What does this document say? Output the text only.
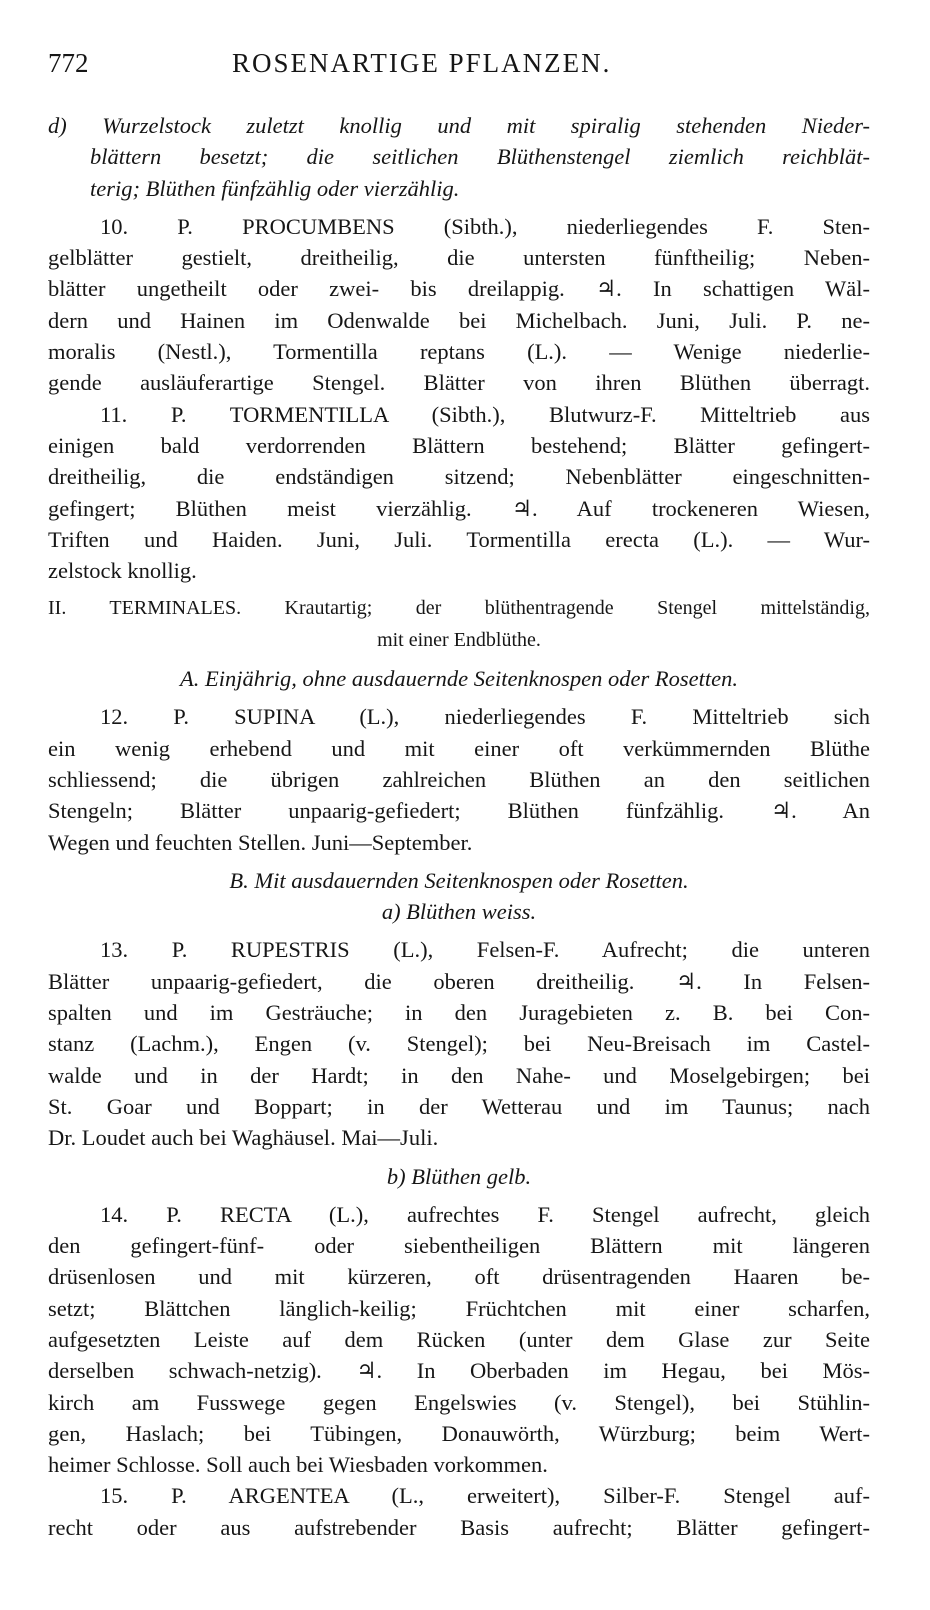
772	ROSENARTIGE PFLANZEN.
d) Wurzelstock zuletzt knollig und mit spiralig stehenden Nieder-
blättern besetzt; die seitlichen Blüthenstengel ziemlich reichblät-
terig; Blüthen fünfzählig oder vierzählig.
10. P. PROCUMBENS (Sibth.), niederliegendes F. Sten-
gelblätter gestielt, dreitheilig, die untersten fünftheilig; Neben-
blätter ungetheilt oder zwei- bis dreilappig. ♃. In schattigen Wäl-
dern und Hainen im Odenwalde bei Michelbach. Juni, Juli. P. ne-
moralis (Nestl.), Tormentilla reptans (L.). — Wenige niederlie-
gende ausläuferartige Stengel. Blätter von ihren Blüthen überragt.
11. P. TORMENTILLA (Sibth.), Blutwurz-F. Mitteltrieb aus
einigen bald verdorrenden Blättern bestehend; Blätter gefingert-
dreitheilig, die endständigen sitzend; Nebenblätter eingeschnitten-
gefingert; Blüthen meist vierzählig. ♃. Auf trockeneren Wiesen,
Triften und Haiden. Juni, Juli. Tormentilla erecta (L.). — Wur-
zelstock knollig.
II. TERMINALES. Krautartig; der blüthentragende Stengel mittelständig,
mit einer Endblüthe.
A. Einjährig, ohne ausdauernde Seitenknospen oder Rosetten.
12. P. SUPINA (L.), niederliegendes F. Mitteltrieb sich
ein wenig erhebend und mit einer oft verkümmernden Blüthe
schliessend; die übrigen zahlreichen Blüthen an den seitlichen
Stengeln; Blätter unpaarig-gefiedert; Blüthen fünfzählig. ♃. An
Wegen und feuchten Stellen. Juni—September.
B. Mit ausdauernden Seitenknospen oder Rosetten.
a) Blüthen weiss.
13. P. RUPESTRIS (L.), Felsen-F. Aufrecht; die unteren
Blätter unpaarig-gefiedert, die oberen dreitheilig. ♃. In Felsen-
spalten und im Gesträuche; in den Juragebieten z. B. bei Con-
stanz (Lachm.), Engen (v. Stengel); bei Neu-Breisach im Castel-
walde und in der Hardt; in den Nahe- und Moselgebirgen; bei
St. Goar und Boppart; in der Wetterau und im Taunus; nach
Dr. Loudet auch bei Waghäusel. Mai—Juli.
b) Blüthen gelb.
14. P. RECTA (L.), aufrechtes F. Stengel aufrecht, gleich
den gefingert-fünf- oder siebentheiligen Blättern mit längeren
drüsenlosen und mit kürzeren, oft drüsentragenden Haaren be-
setzt; Blättchen länglich-keilig; Früchtchen mit einer scharfen,
aufgesetzten Leiste auf dem Rücken (unter dem Glase zur Seite
derselben schwach-netzig). ♃. In Oberbaden im Hegau, bei Mös-
kirch am Fusswege gegen Engelswies (v. Stengel), bei Stühlin-
gen, Haslach; bei Tübingen, Donauwörth, Würzburg; beim Wert-
heimer Schlosse. Soll auch bei Wiesbaden vorkommen.
15. P. ARGENTEA (L., erweitert), Silber-F. Stengel auf-
recht oder aus aufstrebender Basis aufrecht; Blätter gefingert-
